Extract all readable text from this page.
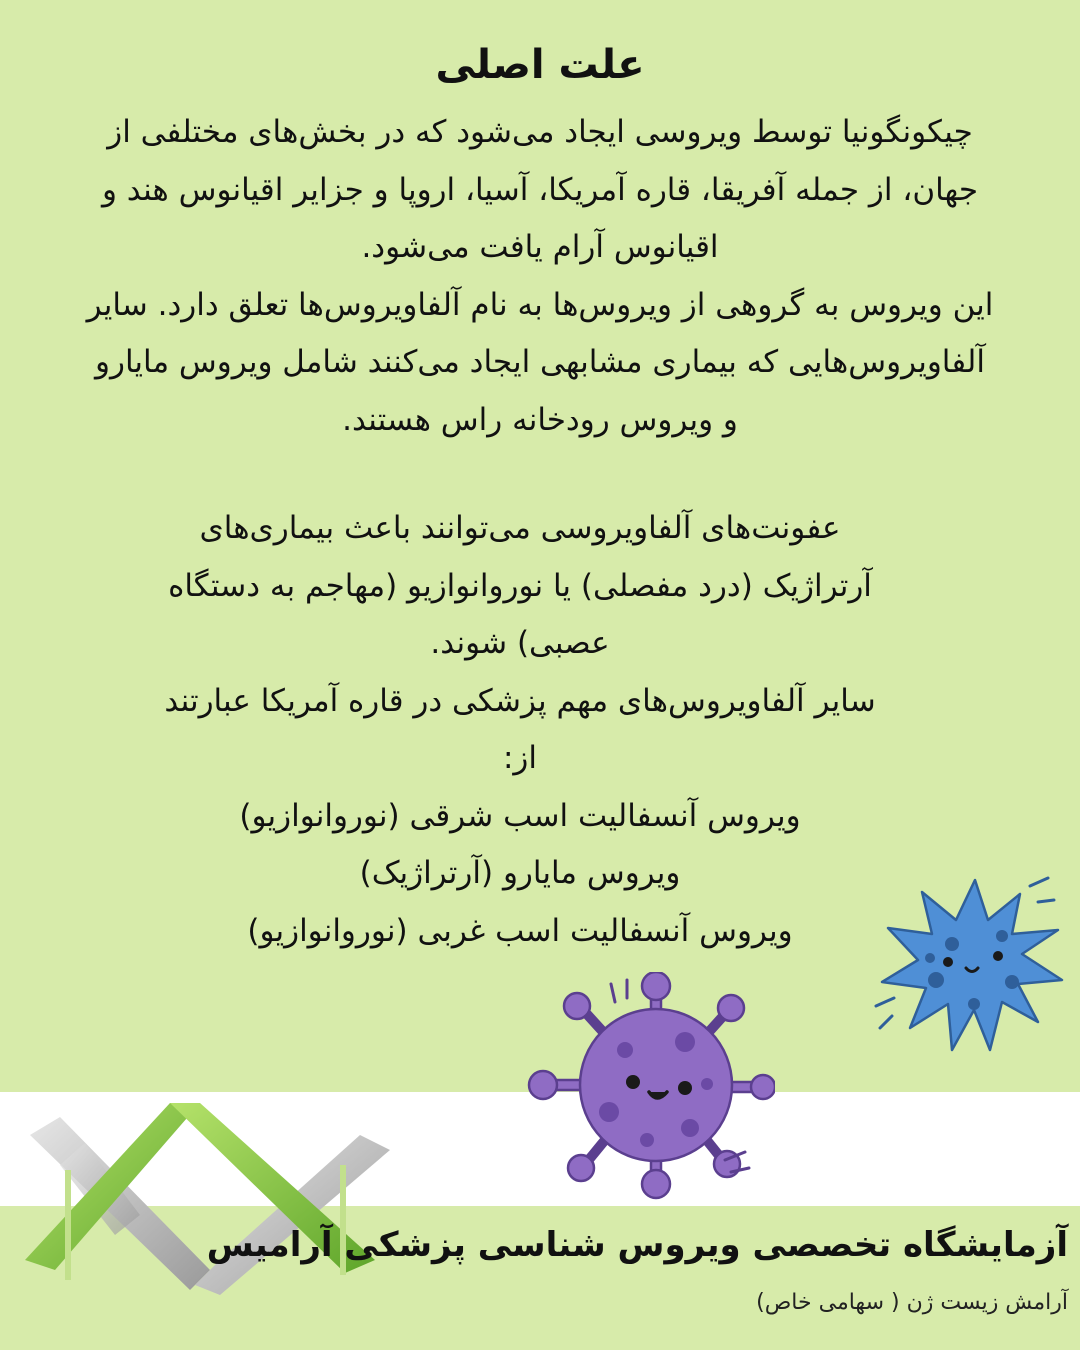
علت اصلی

چیکونگونیا توسط ویروسی ایجاد می‌شود که در بخش‌های مختلفی از

جهان، از جمله آفریقا، قاره آمریکا، آسیا، اروپا و جزایر اقیانوس هند و

اقیانوس آرام یافت می‌شود.

این ویروس به گروهی از ویروس‌ها به نام آلفاویروس‌ها تعلق دارد. سایر

آلفاویروس‌هایی که بیماری مشابهی ایجاد می‌کنند شامل ویروس مایارو

و ویروس رودخانه راس هستند.

عفونت‌های آلفاویروسی می‌توانند باعث بیماری‌های

آرتراژیک (درد مفصلی) یا نوروانوازیو (مهاجم به دستگاه

عصبی) شوند.

سایر آلفاویروس‌های مهم پزشکی در قاره آمریکا عبارتند

از:

ویروس آنسفالیت اسب شرقی (نوروانوازیو)

ویروس مایارو (آرتراژیک)

ویروس آنسفالیت اسب غربی (نوروانوازیو)

آزمایشگاه تخصصی ویروس شناسی پزشکی آرامیس
آرامش زیست ژن ( سهامی خاص)
